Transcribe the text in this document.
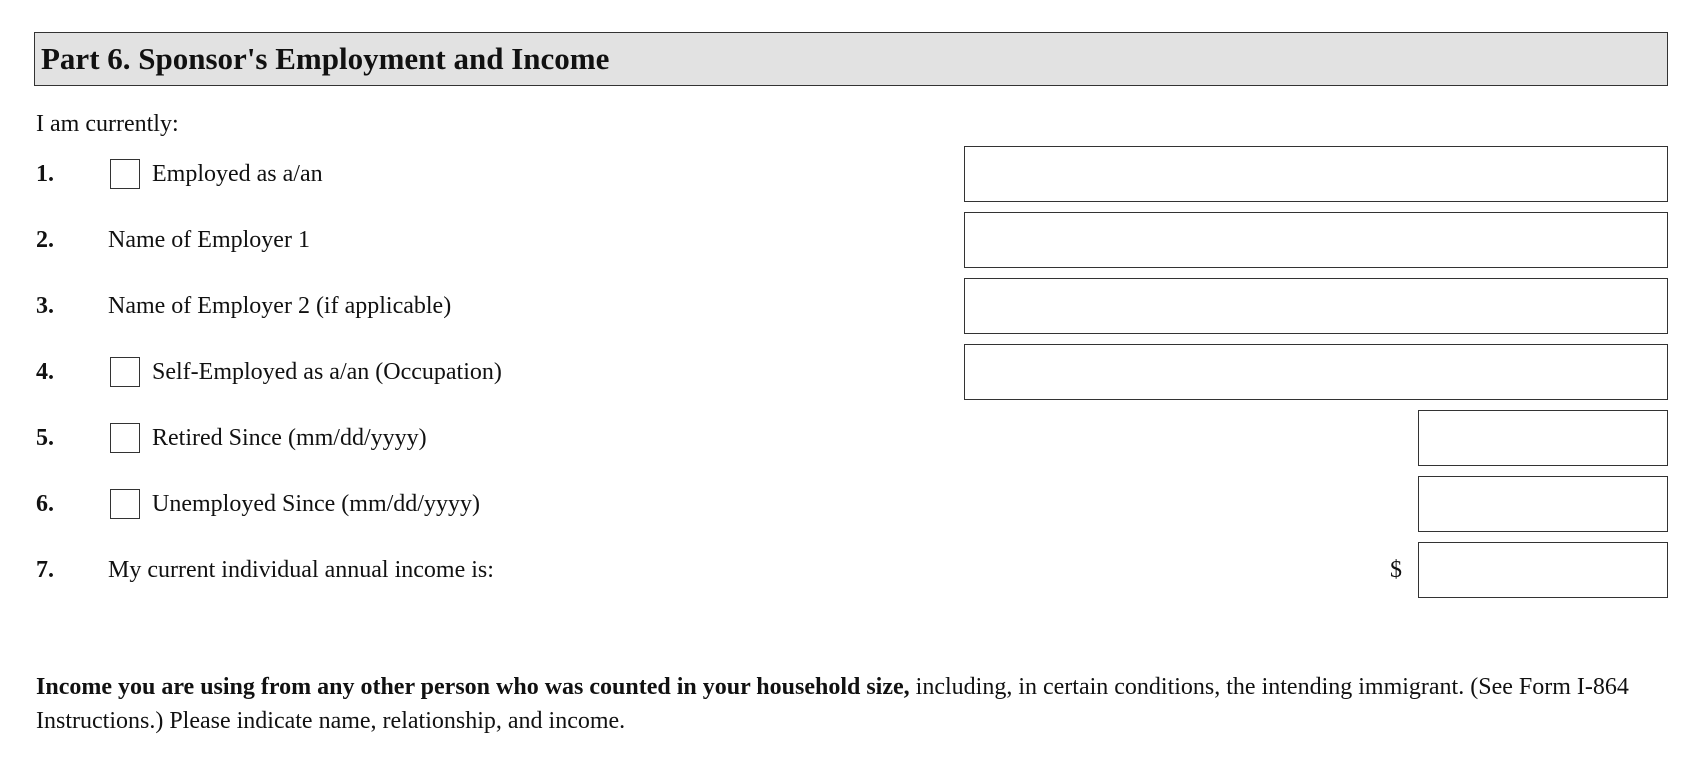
Part 6. Sponsor's Employment and Income
I am currently:
1.	Employed as a/an
2. Name of Employer 1
3. Name of Employer 2 (if applicable)
4.	Self-Employed as a/an (Occupation)
5.	Retired Since (mm/dd/yyyy)
6.	Unemployed Since (mm/dd/yyyy)
7. My current individual annual income is:	$
Income you are using from any other person who was counted in your household size, including, in certain conditions, the intending immigrant. (See Form I-864 Instructions.) Please indicate name, relationship, and income.
